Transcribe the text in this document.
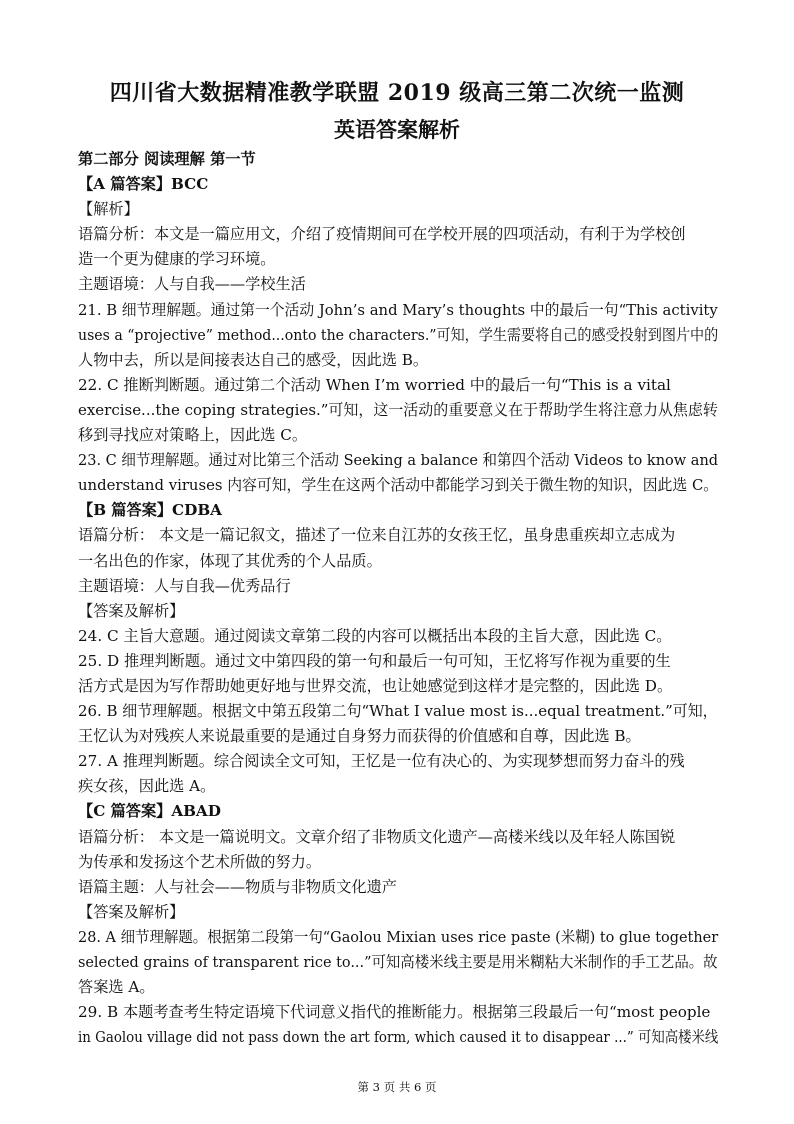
四川省大数据精准教学联盟 2019 级高三第二次统一监测
英语答案解析
第二部分 阅读理解 第一节
【A 篇答案】BCC
【解析】
语篇分析：本文是一篇应用文，介绍了疫情期间可在学校开展的四项活动，有利于为学校创
造一个更为健康的学习环境。
主题语境：人与自我——学校生活
21. B 细节理解题。通过第一个活动 John’s and Mary’s thoughts 中的最后一句“This activity
uses a “projective” method...onto the characters.”可知，学生需要将自己的感受投射到图片中的
人物中去，所以是间接表达自己的感受，因此选 B。
22. C 推断判断题。通过第二个活动 When I’m worried 中的最后一句“This is a vital
exercise...the coping strategies.”可知，这一活动的重要意义在于帮助学生将注意力从焦虑转
移到寻找应对策略上，因此选 C。
23. C 细节理解题。通过对比第三个活动 Seeking a balance 和第四个活动 Videos to know and
understand viruses 内容可知，学生在这两个活动中都能学习到关于微生物的知识，因此选 C。
【B 篇答案】CDBA
语篇分析： 本文是一篇记叙文，描述了一位来自江苏的女孩王忆，虽身患重疾却立志成为
一名出色的作家，体现了其优秀的个人品质。
主题语境：人与自我—优秀品行
【答案及解析】
24. C 主旨大意题。通过阅读文章第二段的内容可以概括出本段的主旨大意，因此选 C。
25. D 推理判断题。通过文中第四段的第一句和最后一句可知，王忆将写作视为重要的生
活方式是因为写作帮助她更好地与世界交流，也让她感觉到这样才是完整的，因此选 D。
26. B 细节理解题。根据文中第五段第二句“What I value most is...equal treatment.”可知，
王忆认为对残疾人来说最重要的是通过自身努力而获得的价值感和自尊，因此选 B。
27. A 推理判断题。综合阅读全文可知，王忆是一位有决心的、为实现梦想而努力奋斗的残
疾女孩，因此选 A。
【C 篇答案】ABAD
语篇分析： 本文是一篇说明文。文章介绍了非物质文化遗产—高楼米线以及年轻人陈国锐
为传承和发扬这个艺术所做的努力。
语篇主题：人与社会——物质与非物质文化遗产
【答案及解析】
28. A 细节理解题。根据第二段第一句“Gaolou Mixian uses rice paste (米糊) to glue together
selected grains of transparent rice to...”可知高楼米线主要是用米糊粘大米制作的手工艺品。故
答案选 A。
29. B 本题考查考生特定语境下代词意义指代的推断能力。根据第三段最后一句“most people
in Gaolou village did not pass down the art form, which caused it to disappear ...” 可知高楼米线
第 3 页 共 6 页
